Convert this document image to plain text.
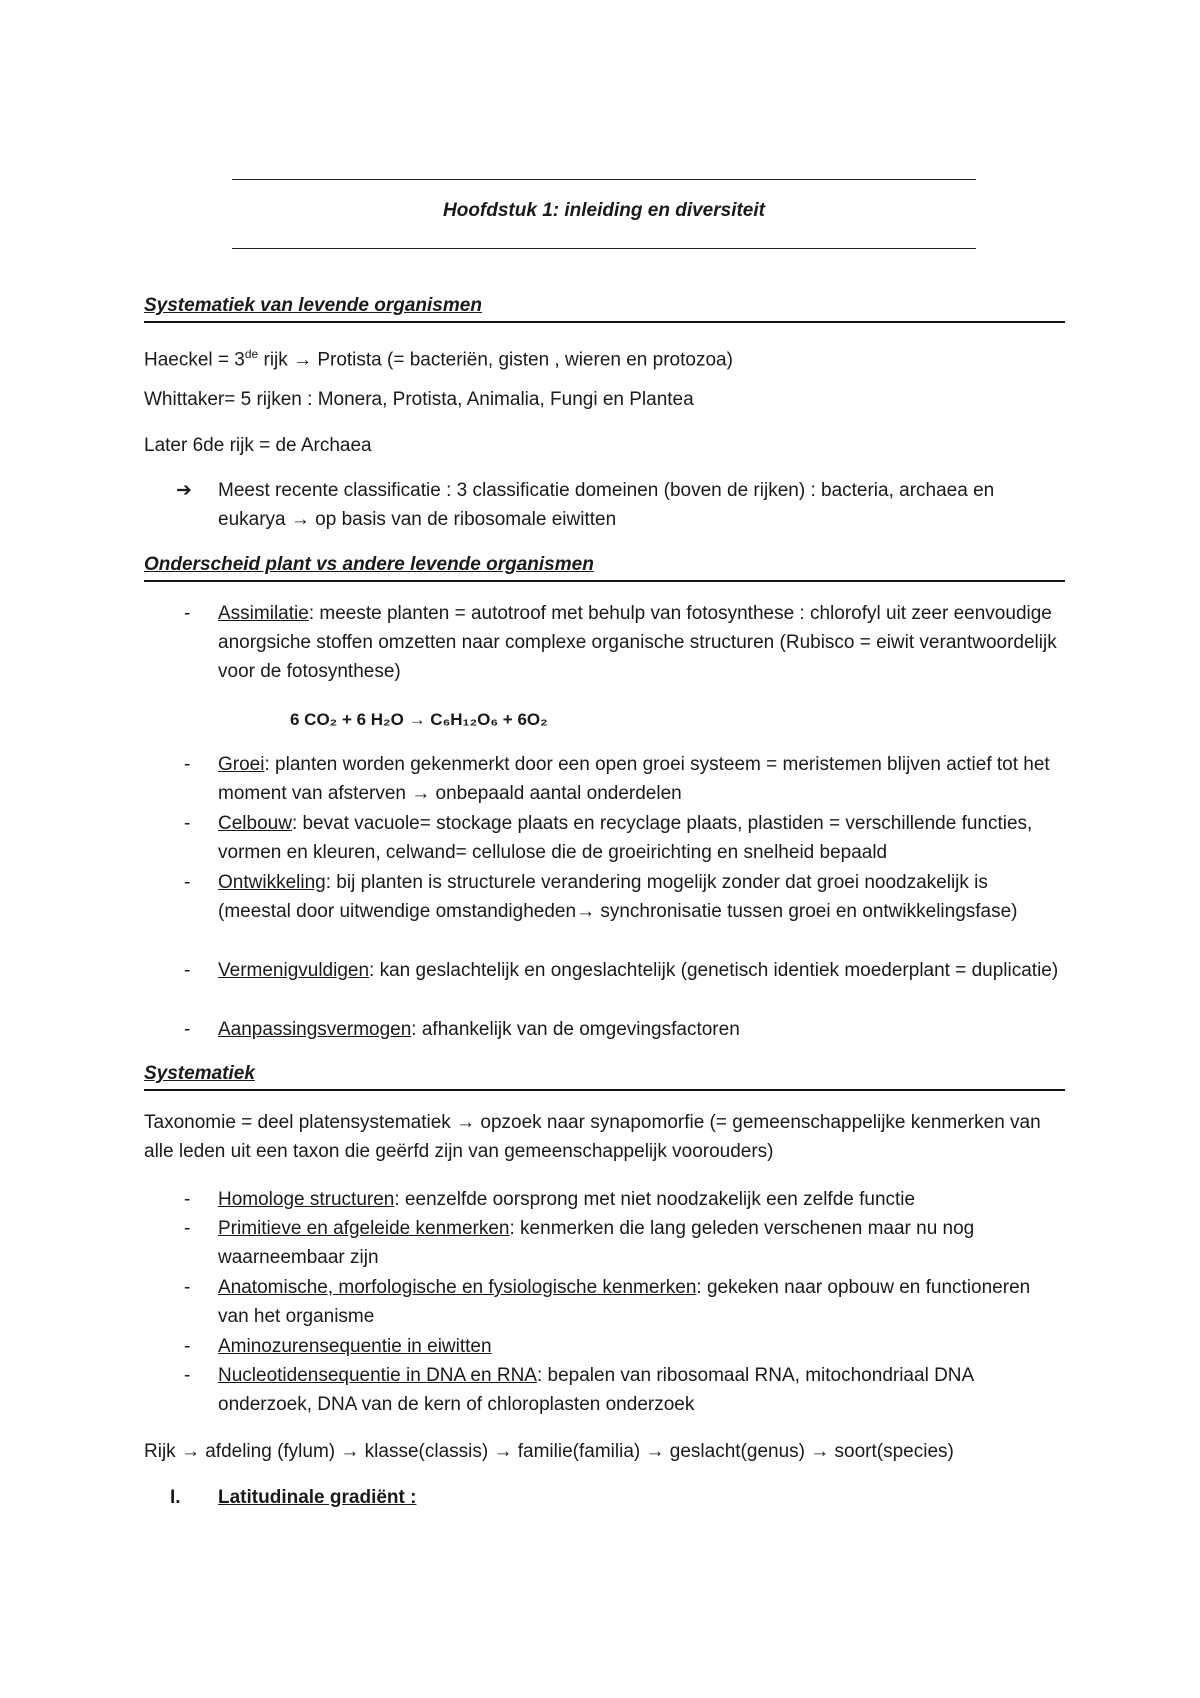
Hoofdstuk 1: inleiding en diversiteit
Systematiek van levende organismen
Haeckel = 3de rijk → Protista (= bacteriën, gisten , wieren en protozoa)
Whittaker= 5 rijken : Monera, Protista, Animalia, Fungi en Plantea
Later 6de rijk = de Archaea
➔ Meest recente classificatie : 3 classificatie domeinen (boven de rijken) : bacteria, archaea en eukarya → op basis van de ribosomale eiwitten
Onderscheid plant vs andere levende organismen
- Assimilatie: meeste planten = autotroof met behulp van fotosynthese : chlorofyl uit zeer eenvoudige anorgsiche stoffen omzetten naar complexe organische structuren (Rubisco = eiwit verantwoordelijk voor de fotosynthese)
6 CO₂ + 6 H₂O → C₆H₁₂O₆ + 6O₂
- Groei: planten worden gekenmerkt door een open groei systeem = meristemen blijven actief tot het moment van afsterven → onbepaald aantal onderdelen
- Celbouw: bevat vacuole= stockage plaats en recyclage plaats, plastiden = verschillende functies, vormen en kleuren, celwand= cellulose die de groeirichting en snelheid bepaald
- Ontwikkeling: bij planten is structurele verandering mogelijk zonder dat groei noodzakelijk is (meestal door uitwendige omstandigheden→ synchronisatie tussen groei en ontwikkelingsfase)
- Vermenigvuldigen: kan geslachtelijk en ongeslachtelijk (genetisch identiek moederplant = duplicatie)
- Aanpassingsvermogen: afhankelijk van de omgevingsfactoren
Systematiek
Taxonomie = deel platensystematiek → opzoek naar synapomorfie (= gemeenschappelijke kenmerken van alle leden uit een taxon die geërfd zijn van gemeenschappelijk voorouders)
- Homologe structuren: eenzelfde oorsprong met niet noodzakelijk een zelfde functie
- Primitieve en afgeleide kenmerken: kenmerken die lang geleden verschenen maar nu nog waarneembaar zijn
- Anatomische, morfologische en fysiologische kenmerken: gekeken naar opbouw en functioneren van het organisme
- Aminozurensequentie in eiwitten
- Nucleotidensequentie in DNA en RNA: bepalen van ribosomaal RNA, mitochondriaal DNA onderzoek, DNA van de kern of chloroplasten onderzoek
Rijk → afdeling (fylum) → klasse(classis) → familie(familia) → geslacht(genus) → soort(species)
I. Latitudinale gradiënt :
